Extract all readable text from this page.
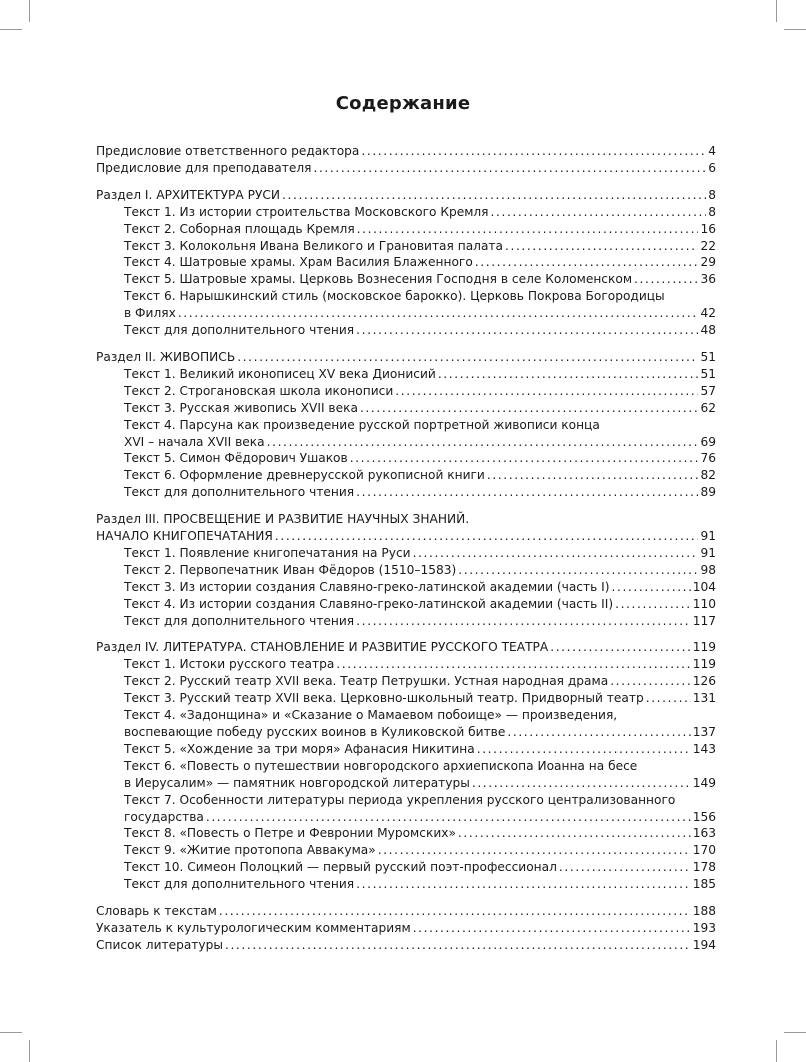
Содержание
Предисловие ответственного редактора .....	4
Предисловие для преподавателя .....	6
Раздел I. АРХИТЕКТУРА РУСИ .....	8
Текст 1. Из истории строительства Московского Кремля .....	8
Текст 2. Соборная площадь Кремля .....	16
Текст 3. Колокольня Ивана Великого и Грановитая палата .....	22
Текст 4. Шатровые храмы. Храм Василия Блаженного .....	29
Текст 5. Шатровые храмы. Церковь Вознесения Господня в селе Коломенском .....	36
Текст 6. Нарышкинский стиль (московское барокко). Церковь Покрова Богородицы
в Филях .....	42
Текст для дополнительного чтения .....	48
Раздел II. ЖИВОПИСЬ .....	51
Текст 1. Великий иконописец XV века Дионисий .....	51
Текст 2. Строгановская школа иконописи .....	57
Текст 3. Русская живопись XVII века .....	62
Текст 4. Парсуна как произведение русской портретной живописи конца
XVI – начала XVII века .....	69
Текст 5. Симон Фёдорович Ушаков .....	76
Текст 6. Оформление древнерусской рукописной книги .....	82
Текст для дополнительного чтения .....	89
Раздел III. ПРОСВЕЩЕНИЕ И РАЗВИТИЕ НАУЧНЫХ ЗНАНИЙ.
НАЧАЛО КНИГОПЕЧАТАНИЯ .....	91
Текст 1. Появление книгопечатания на Руси .....	91
Текст 2. Первопечатник Иван Фёдоров (1510–1583) .....	98
Текст 3. Из истории создания Славяно-греко-латинской академии (часть I) .....	104
Текст 4. Из истории создания Славяно-греко-латинской академии (часть II) .....	110
Текст для дополнительного чтения .....	117
Раздел IV. ЛИТЕРАТУРА. СТАНОВЛЕНИЕ И РАЗВИТИЕ РУССКОГО ТЕАТРА .....	119
Текст 1. Истоки русского театра .....	119
Текст 2. Русский театр XVII века. Театр Петрушки. Устная народная драма .....	126
Текст 3. Русский театр XVII века. Церковно-школьный театр. Придворный театр .....	131
Текст 4. «Задонщина» и «Сказание о Мамаевом побоище» — произведения,
воспевающие победу русских воинов в Куликовской битве .....	137
Текст 5. «Хождение за три моря» Афанасия Никитина .....	143
Текст 6. «Повесть о путешествии новгородского архиепископа Иоанна на бесе
в Иерусалим» — памятник новгородской литературы .....	149
Текст 7. Особенности литературы периода укрепления русского централизованного
государства .....	156
Текст 8. «Повесть о Петре и Февронии Муромских» .....	163
Текст 9. «Житие протопопа Аввакума» .....	170
Текст 10. Симеон Полоцкий — первый русский поэт-профессионал .....	178
Текст для дополнительного чтения .....	185
Словарь к текстам .....	188
Указатель к культурологическим комментариям .....	193
Список литературы .....	194
